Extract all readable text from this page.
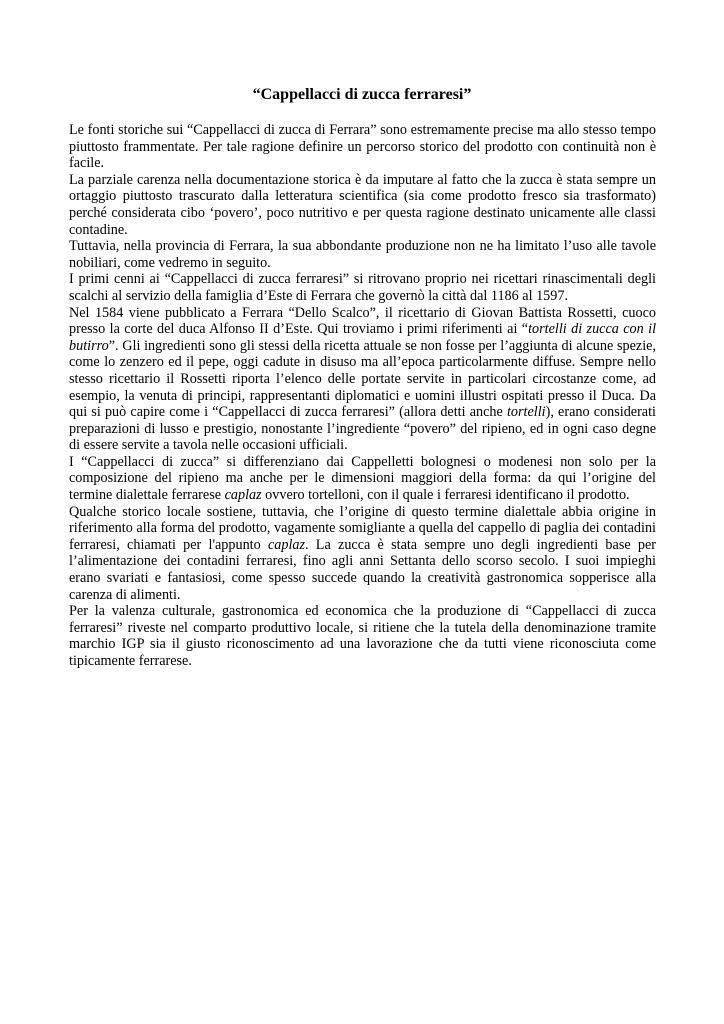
“Cappellacci di zucca ferraresi”

Le fonti storiche sui “Cappellacci di zucca di Ferrara” sono estremamente precise ma allo stesso tempo piuttosto frammentate. Per tale ragione definire un percorso storico del prodotto con continuità non è facile.

La parziale carenza nella documentazione storica è da imputare al fatto che la zucca è stata sempre un ortaggio piuttosto trascurato dalla letteratura scientifica (sia come prodotto fresco sia trasformato) perché considerata cibo ‘povero’, poco nutritivo e per questa ragione destinato unicamente alle classi contadine.

Tuttavia, nella provincia di Ferrara, la sua abbondante produzione non ne ha limitato l’uso alle tavole nobiliari, come vedremo in seguito.

I primi cenni ai “Cappellacci di zucca ferraresi” si ritrovano proprio nei ricettari rinascimentali degli scalchi al servizio della famiglia d’Este di Ferrara che governò la città dal 1186 al 1597.

Nel 1584 viene pubblicato a Ferrara “Dello Scalco”, il ricettario di Giovan Battista Rossetti, cuoco presso la corte del duca Alfonso II d’Este. Qui troviamo i primi riferimenti ai “tortelli di zucca con il butirro”. Gli ingredienti sono gli stessi della ricetta attuale se non fosse per l’aggiunta di alcune spezie, come lo zenzero ed il pepe, oggi cadute in disuso ma all’epoca particolarmente diffuse. Sempre nello stesso ricettario il Rossetti riporta l’elenco delle portate servite in particolari circostanze come, ad esempio, la venuta di principi, rappresentanti diplomatici e uomini illustri ospitati presso il Duca. Da qui si può capire come i “Cappellacci di zucca ferraresi” (allora detti anche tortelli), erano considerati preparazioni di lusso e prestigio, nonostante l’ingrediente “povero” del ripieno, ed in ogni caso degne di essere servite a tavola nelle occasioni ufficiali.

I “Cappellacci di zucca” si differenziano dai Cappelletti bolognesi o modenesi non solo per la composizione del ripieno ma anche per le dimensioni maggiori della forma: da qui l’origine del termine dialettale ferrarese caplaz ovvero tortelloni, con il quale i ferraresi identificano il prodotto.

Qualche storico locale sostiene, tuttavia, che l’origine di questo termine dialettale abbia origine in riferimento alla forma del prodotto, vagamente somigliante a quella del cappello di paglia dei contadini ferraresi, chiamati per l'appunto caplaz. La zucca è stata sempre uno degli ingredienti base per l’alimentazione dei contadini ferraresi, fino agli anni Settanta dello scorso secolo. I suoi impieghi erano svariati e fantasiosi, come spesso succede quando la creatività gastronomica sopperisce alla carenza di alimenti.

Per la valenza culturale, gastronomica ed economica che la produzione di “Cappellacci di zucca ferraresi” riveste nel comparto produttivo locale, si ritiene che la tutela della denominazione tramite marchio IGP sia il giusto riconoscimento ad una lavorazione che da tutti viene riconosciuta come tipicamente ferrarese.
